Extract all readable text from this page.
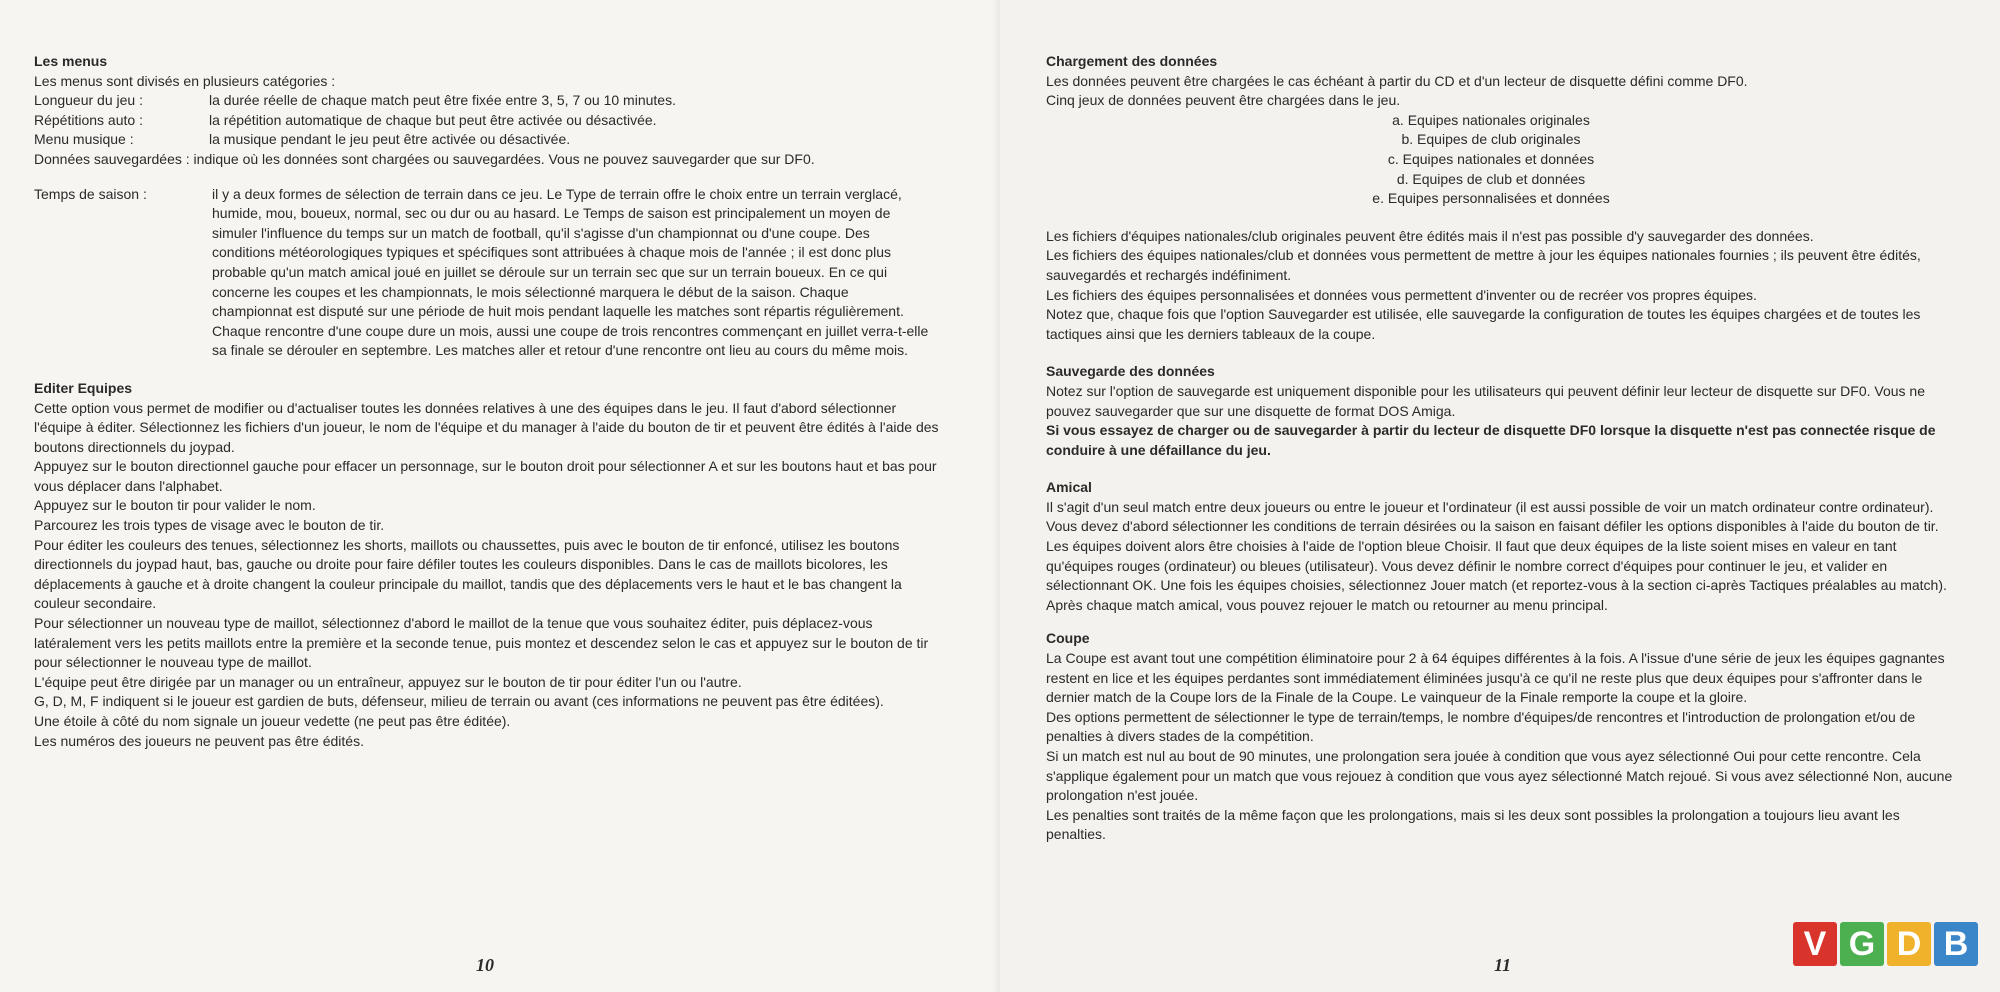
Les menus

Les menus sont divisés en plusieurs catégories :

Longueur du jeu :	la durée réelle de chaque match peut être fixée entre 3, 5, 7 ou 10 minutes.
Répétitions auto :	la répétition automatique de chaque but peut être activée ou désactivée.
Menu musique :	la musique pendant le jeu peut être activée ou désactivée.

Données sauvegardées : indique où les données sont chargées ou sauvegardées. Vous ne pouvez sauvegarder que sur DF0.

Temps de saison :	il y a deux formes de sélection de terrain dans ce jeu. Le Type de terrain offre le choix entre un terrain verglacé, humide, mou, boueux, normal, sec ou dur ou au hasard. Le Temps de saison est principalement un moyen de simuler l'influence du temps sur un match de football, qu'il s'agisse d'un championnat ou d'une coupe. Des conditions météorologiques typiques et spécifiques sont attribuées à chaque mois de l'année ; il est donc plus probable qu'un match amical joué en juillet se déroule sur un terrain sec que sur un terrain boueux. En ce qui concerne les coupes et les championnats, le mois sélectionné marquera le début de la saison. Chaque championnat est disputé sur une période de huit mois pendant laquelle les matches sont répartis régulièrement. Chaque rencontre d'une coupe dure un mois, aussi une coupe de trois rencontres commençant en juillet verra-t-elle sa finale se dérouler en septembre. Les matches aller et retour d'une rencontre ont lieu au cours du même mois.

Editer Equipes

Cette option vous permet de modifier ou d'actualiser toutes les données relatives à une des équipes dans le jeu. Il faut d'abord sélectionner l'équipe à éditer. Sélectionnez les fichiers d'un joueur, le nom de l'équipe et du manager à l'aide du bouton de tir et peuvent être édités à l'aide des boutons directionnels du joypad.

Appuyez sur le bouton directionnel gauche pour effacer un personnage, sur le bouton droit pour sélectionner A et sur les boutons haut et bas pour vous déplacer dans l'alphabet.

Appuyez sur le bouton tir pour valider le nom.

Parcourez les trois types de visage avec le bouton de tir.

Pour éditer les couleurs des tenues, sélectionnez les shorts, maillots ou chaussettes, puis avec le bouton de tir enfoncé, utilisez les boutons directionnels du joypad haut, bas, gauche ou droite pour faire défiler toutes les couleurs disponibles. Dans le cas de maillots bicolores, les déplacements à gauche et à droite changent la couleur principale du maillot, tandis que des déplacements vers le haut et le bas changent la couleur secondaire.

Pour sélectionner un nouveau type de maillot, sélectionnez d'abord le maillot de la tenue que vous souhaitez éditer, puis déplacez-vous latéralement vers les petits maillots entre la première et la seconde tenue, puis montez et descendez selon le cas et appuyez sur le bouton de tir pour sélectionner le nouveau type de maillot.

L'équipe peut être dirigée par un manager ou un entraîneur, appuyez sur le bouton de tir pour éditer l'un ou l'autre.

G, D, M, F indiquent si le joueur est gardien de buts, défenseur, milieu de terrain ou avant (ces informations ne peuvent pas être éditées).

Une étoile à côté du nom signale un joueur vedette (ne peut pas être éditée).

Les numéros des joueurs ne peuvent pas être édités.

10

Chargement des données

Les données peuvent être chargées le cas échéant à partir du CD et d'un lecteur de disquette défini comme DF0.

Cinq jeux de données peuvent être chargées dans le jeu.

a. Equipes nationales originales

b. Equipes de club originales

c. Equipes nationales et données

d. Equipes de club et données

e. Equipes personnalisées et données

Les fichiers d'équipes nationales/club originales peuvent être édités mais il n'est pas possible d'y sauvegarder des données.

Les fichiers des équipes nationales/club et données vous permettent de mettre à jour les équipes nationales fournies ; ils peuvent être édités, sauvegardés et rechargés indéfiniment.

Les fichiers des équipes personnalisées et données vous permettent d'inventer ou de recréer vos propres équipes.

Notez que, chaque fois que l'option Sauvegarder est utilisée, elle sauvegarde la configuration de toutes les équipes chargées et de toutes les tactiques ainsi que les derniers tableaux de la coupe.

Sauvegarde des données

Notez sur l'option de sauvegarde est uniquement disponible pour les utilisateurs qui peuvent définir leur lecteur de disquette sur DF0. Vous ne pouvez sauvegarder que sur une disquette de format DOS Amiga.

Si vous essayez de charger ou de sauvegarder à partir du lecteur de disquette DF0 lorsque la disquette n'est pas connectée risque de conduire à une défaillance du jeu.

Amical

Il s'agit d'un seul match entre deux joueurs ou entre le joueur et l'ordinateur (il est aussi possible de voir un match ordinateur contre ordinateur).

Vous devez d'abord sélectionner les conditions de terrain désirées ou la saison en faisant défiler les options disponibles à l'aide du bouton de tir.

Les équipes doivent alors être choisies à l'aide de l'option bleue Choisir. Il faut que deux équipes de la liste soient mises en valeur en tant qu'équipes rouges (ordinateur) ou bleues (utilisateur). Vous devez définir le nombre correct d'équipes pour continuer le jeu, et valider en sélectionnant OK. Une fois les équipes choisies, sélectionnez Jouer match (et reportez-vous à la section ci-après Tactiques préalables au match).

Après chaque match amical, vous pouvez rejouer le match ou retourner au menu principal.

Coupe

La Coupe est avant tout une compétition éliminatoire pour 2 à 64 équipes différentes à la fois. A l'issue d'une série de jeux les équipes gagnantes restent en lice et les équipes perdantes sont immédiatement éliminées jusqu'à ce qu'il ne reste plus que deux équipes pour s'affronter dans le dernier match de la Coupe lors de la Finale de la Coupe. Le vainqueur de la Finale remporte la coupe et la gloire.

Des options permettent de sélectionner le type de terrain/temps, le nombre d'équipes/de rencontres et l'introduction de prolongation et/ou de penalties à divers stades de la compétition.

Si un match est nul au bout de 90 minutes, une prolongation sera jouée à condition que vous ayez sélectionné Oui pour cette rencontre. Cela s'applique également pour un match que vous rejouez à condition que vous ayez sélectionné Match rejoué. Si vous avez sélectionné Non, aucune prolongation n'est jouée.

Les penalties sont traités de la même façon que les prolongations, mais si les deux sont possibles la prolongation a toujours lieu avant les penalties.

11
V G D B
